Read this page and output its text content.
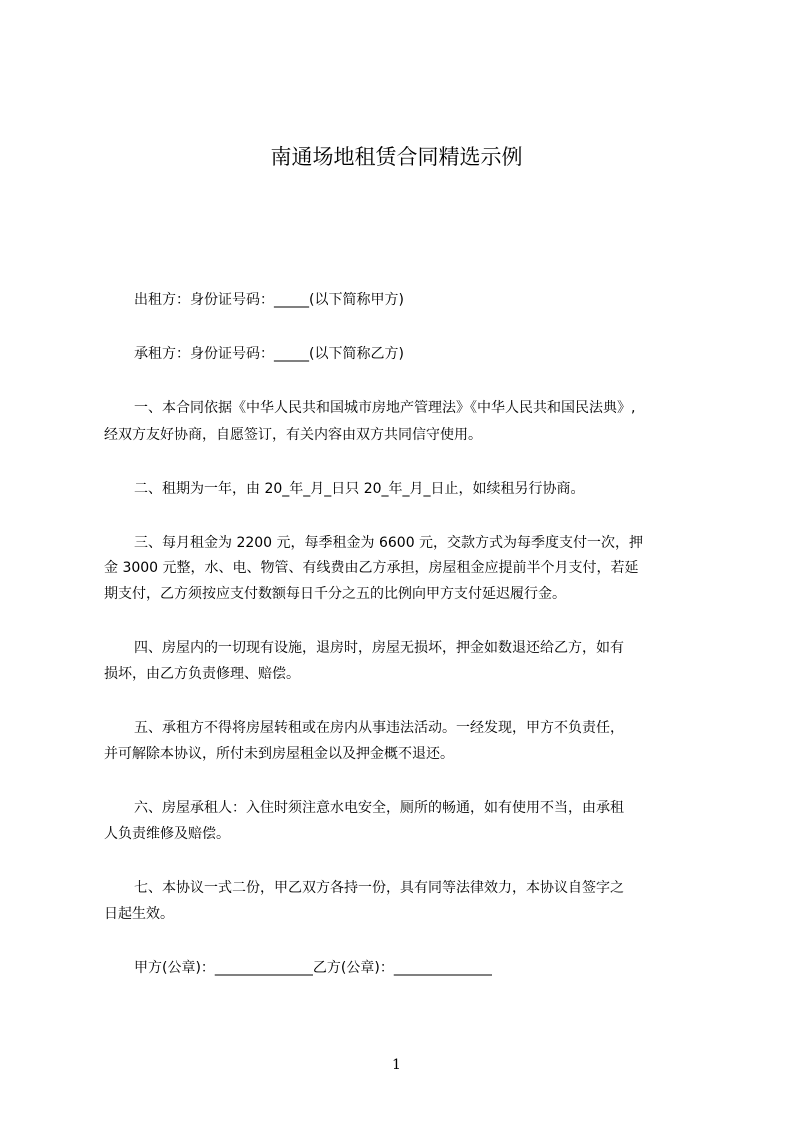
南通场地租赁合同精选示例
出租方：身份证号码：_____(以下简称甲方)
承租方：身份证号码：_____(以下简称乙方)
一、本合同依据《中华人民共和国城市房地产管理法》《中华人民共和国民法典》,
经双方友好协商，自愿签订，有关内容由双方共同信守使用。
二、租期为一年，由 20_年_月_日只 20_年_月_日止，如续租另行协商。
三、每月租金为 2200 元，每季租金为 6600 元，交款方式为每季度支付一次，押
金 3000 元整，水、电、物管、有线费由乙方承担，房屋租金应提前半个月支付，若延
期支付，乙方须按应支付数额每日千分之五的比例向甲方支付延迟履行金。
四、房屋内的一切现有设施，退房时，房屋无损坏，押金如数退还给乙方，如有
损坏，由乙方负责修理、赔偿。
五、承租方不得将房屋转租或在房内从事违法活动。一经发现，甲方不负责任，
并可解除本协议，所付未到房屋租金以及押金概不退还。
六、房屋承租人：入住时须注意水电安全，厕所的畅通，如有使用不当，由承租
人负责维修及赔偿。
七、本协议一式二份，甲乙双方各持一份，具有同等法律效力，本协议自签字之
日起生效。
甲方(公章)：______________乙方(公章)：______________
1
